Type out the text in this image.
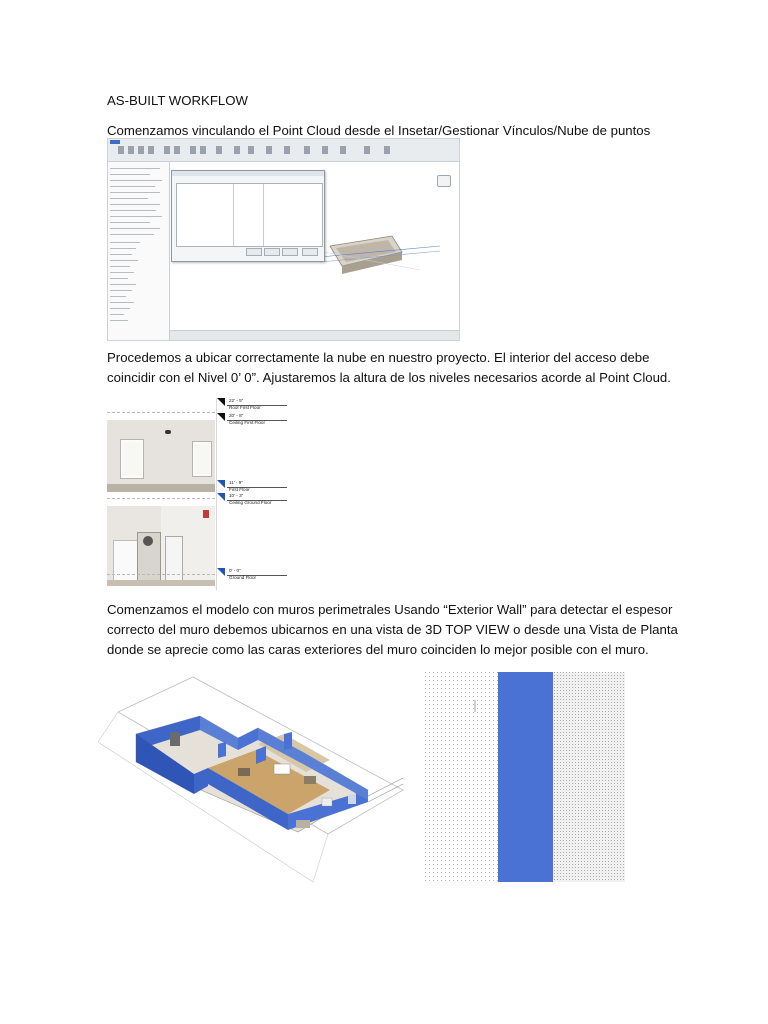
AS-BUILT WORKFLOW

Comenzamos vinculando el Point Cloud desde el Insetar/Gestionar Vínculos/Nube de puntos

Procedemos a ubicar correctamente la nube en nuestro proyecto. El interior del acceso debe

coincidir con el Nivel 0’ 0”. Ajustaremos la altura de los niveles necesarios acorde al Point Cloud.

22' - 5"
Roof First Floor
20' - 8"
Ceiling First Floor
11' - 9"
First Floor
10' - 3"
Ceiling Ground Floor
0' - 0"
Ground Floor

Comenzamos el modelo con muros perimetrales Usando “Exterior Wall” para detectar el espesor

correcto del muro debemos ubicarnos en una vista de 3D TOP VIEW o desde una Vista de Planta

donde se aprecie como las caras exteriores del muro coinciden lo mejor posible con el muro.
